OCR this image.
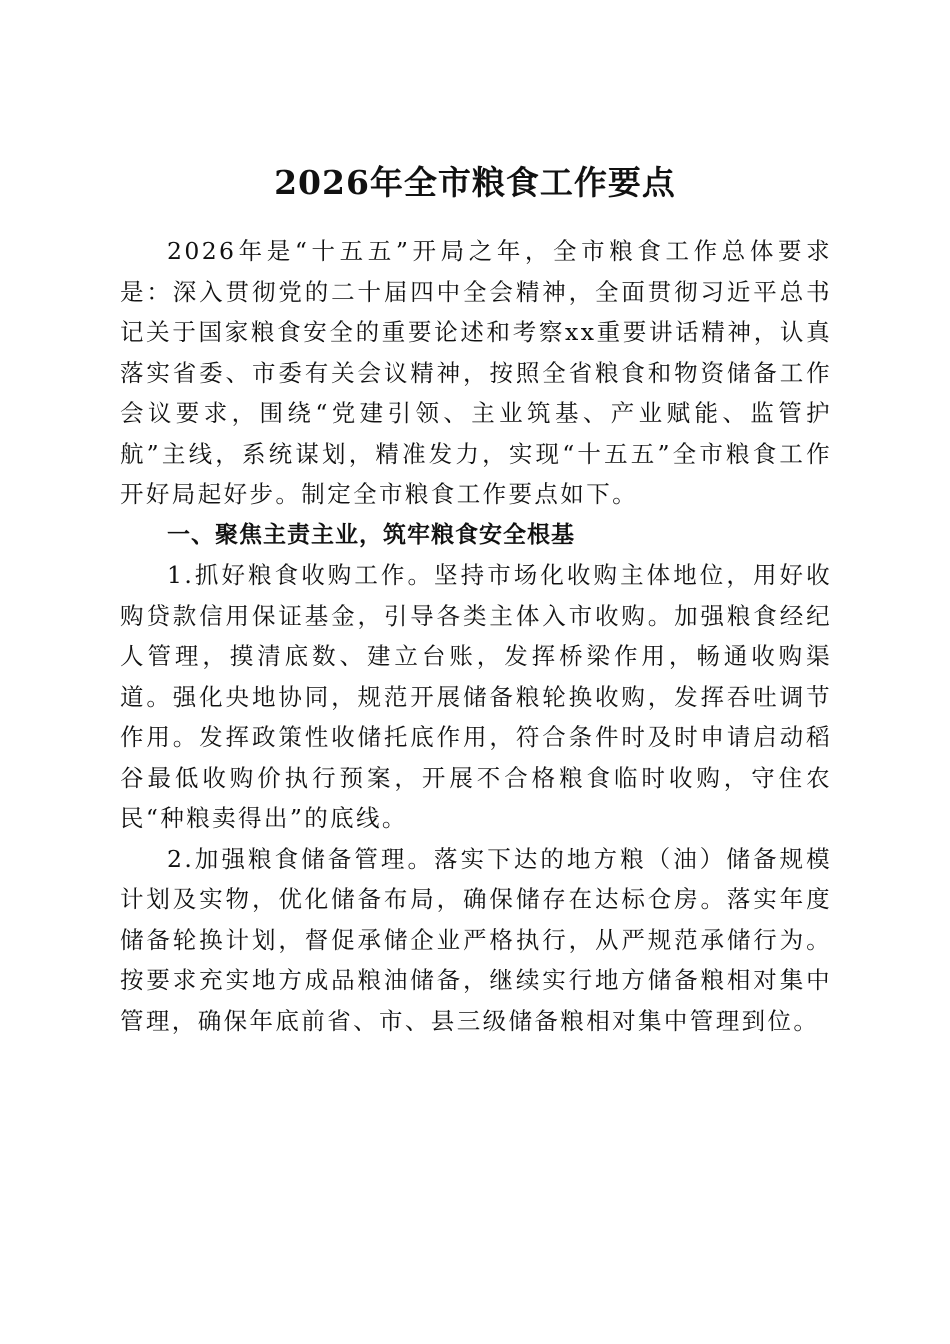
2026年全市粮食工作要点

2026年是“十五五”开局之年，全市粮食工作总体要求是：深入贯彻党的二十届四中全会精神，全面贯彻习近平总书记关于国家粮食安全的重要论述和考察xx重要讲话精神，认真落实省委、市委有关会议精神，按照全省粮食和物资储备工作会议要求，围绕“党建引领、主业筑基、产业赋能、监管护航”主线，系统谋划，精准发力，实现“十五五”全市粮食工作开好局起好步。制定全市粮食工作要点如下。

一、聚焦主责主业，筑牢粮食安全根基

1.抓好粮食收购工作。坚持市场化收购主体地位，用好收购贷款信用保证基金，引导各类主体入市收购。加强粮食经纪人管理，摸清底数、建立台账，发挥桥梁作用，畅通收购渠道。强化央地协同，规范开展储备粮轮换收购，发挥吞吐调节作用。发挥政策性收储托底作用，符合条件时及时申请启动稻谷最低收购价执行预案，开展不合格粮食临时收购，守住农民“种粮卖得出”的底线。

2.加强粮食储备管理。落实下达的地方粮（油）储备规模计划及实物，优化储备布局，确保储存在达标仓房。落实年度储备轮换计划，督促承储企业严格执行，从严规范承储行为。按要求充实地方成品粮油储备，继续实行地方储备粮相对集中管理，确保年底前省、市、县三级储备粮相对集中管理到位。
